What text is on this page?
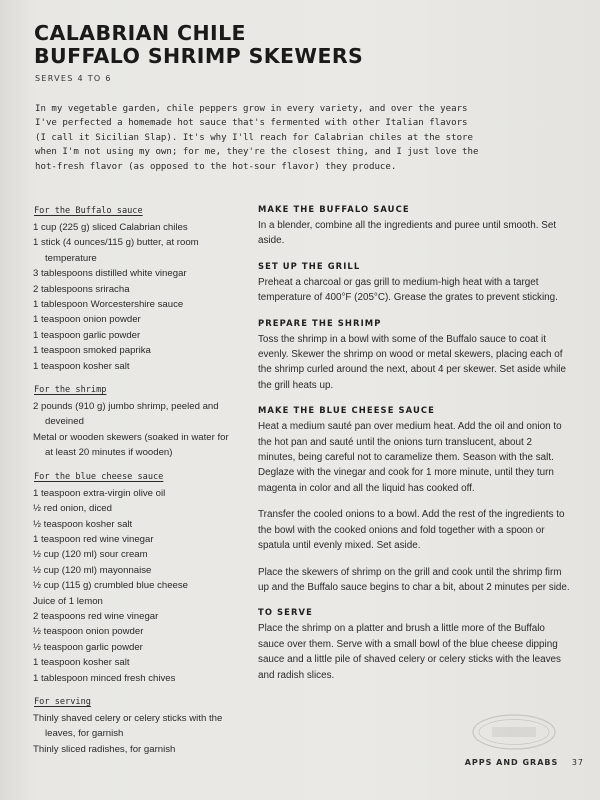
CALABRIAN CHILE
BUFFALO SHRIMP SKEWERS
SERVES 4 TO 6

In my vegetable garden, chile peppers grow in every variety, and over the years
I've perfected a homemade hot sauce that's fermented with other Italian flavors
(I call it Sicilian Slap). It's why I'll reach for Calabrian chiles at the store
when I'm not using my own; for me, they're the closest thing, and I just love the
hot-fresh flavor (as opposed to the hot-sour flavor) they produce.

For the Buffalo sauce
1 cup (225 g) sliced Calabrian chiles
1 stick (4 ounces/115 g) butter, at room temperature
3 tablespoons distilled white vinegar
2 tablespoons sriracha
1 tablespoon Worcestershire sauce
1 teaspoon onion powder
1 teaspoon garlic powder
1 teaspoon smoked paprika
1 teaspoon kosher salt
For the shrimp
2 pounds (910 g) jumbo shrimp, peeled and deveined
Metal or wooden skewers (soaked in water for at least 20 minutes if wooden)
For the blue cheese sauce
1 teaspoon extra-virgin olive oil
½ red onion, diced
½ teaspoon kosher salt
1 teaspoon red wine vinegar
½ cup (120 ml) sour cream
½ cup (120 ml) mayonnaise
½ cup (115 g) crumbled blue cheese
Juice of 1 lemon
2 teaspoons red wine vinegar
½ teaspoon onion powder
½ teaspoon garlic powder
1 teaspoon kosher salt
1 tablespoon minced fresh chives
For serving
Thinly shaved celery or celery sticks with the leaves, for garnish
Thinly sliced radishes, for garnish
MAKE THE BUFFALO SAUCE

In a blender, combine all the ingredients and puree until smooth. Set aside.

SET UP THE GRILL

Preheat a charcoal or gas grill to medium-high heat with a target temperature of 400°F (205°C). Grease the grates to prevent sticking.

PREPARE THE SHRIMP

Toss the shrimp in a bowl with some of the Buffalo sauce to coat it evenly. Skewer the shrimp on wood or metal skewers, placing each of the shrimp curled around the next, about 4 per skewer. Set aside while the grill heats up.

MAKE THE BLUE CHEESE SAUCE

Heat a medium sauté pan over medium heat. Add the oil and onion to the hot pan and sauté until the onions turn translucent, about 2 minutes, being careful not to caramelize them. Season with the salt. Deglaze with the vinegar and cook for 1 more minute, until they turn magenta in color and all the liquid has cooked off.

Transfer the cooled onions to a bowl. Add the rest of the ingredients to the bowl with the cooked onions and fold together with a spoon or spatula until evenly mixed. Set aside.

Place the skewers of shrimp on the grill and cook until the shrimp firm up and the Buffalo sauce begins to char a bit, about 2 minutes per side.

TO SERVE

Place the shrimp on a platter and brush a little more of the Buffalo sauce over them. Serve with a small bowl of the blue cheese dipping sauce and a little pile of shaved celery or celery sticks with the leaves and radish slices.

APPS AND GRABS 37
